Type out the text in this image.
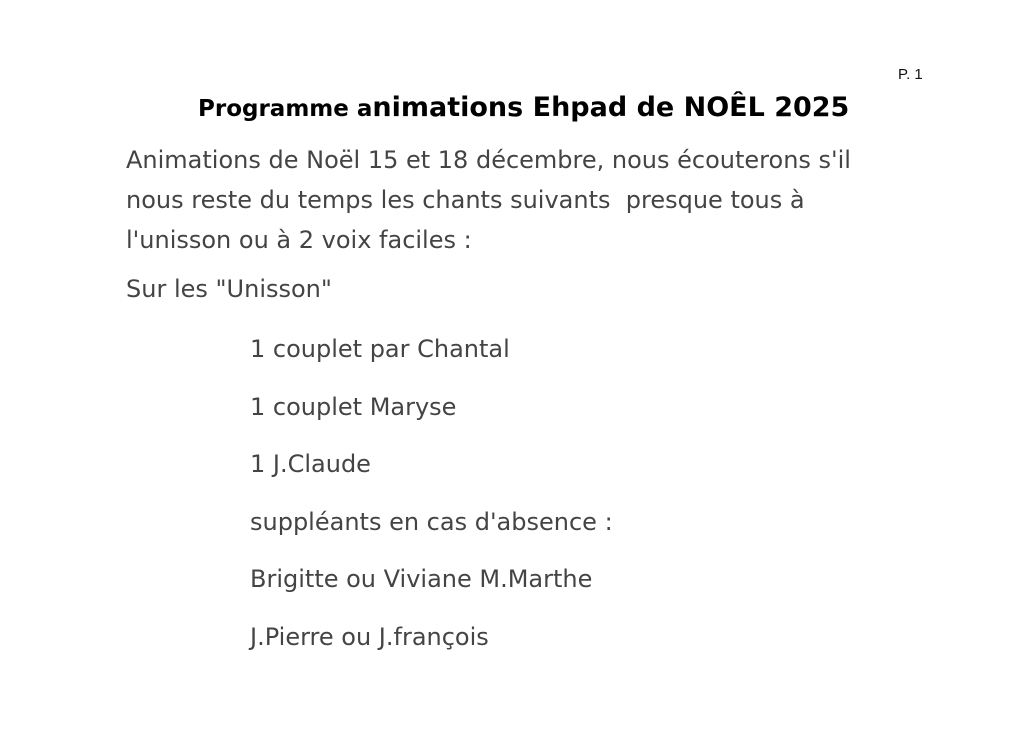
P. 1
Programme animations Ehpad de NOÊL 2025
Animations de Noël 15 et 18 décembre, nous écouterons s'il
nous reste du temps les chants suivants  presque tous à
l'unisson ou à 2 voix faciles :
Sur les "Unisson"
1 couplet par Chantal
1 couplet Maryse
1 J.Claude
suppléants en cas d'absence :
Brigitte ou Viviane M.Marthe
J.Pierre ou J.françois
